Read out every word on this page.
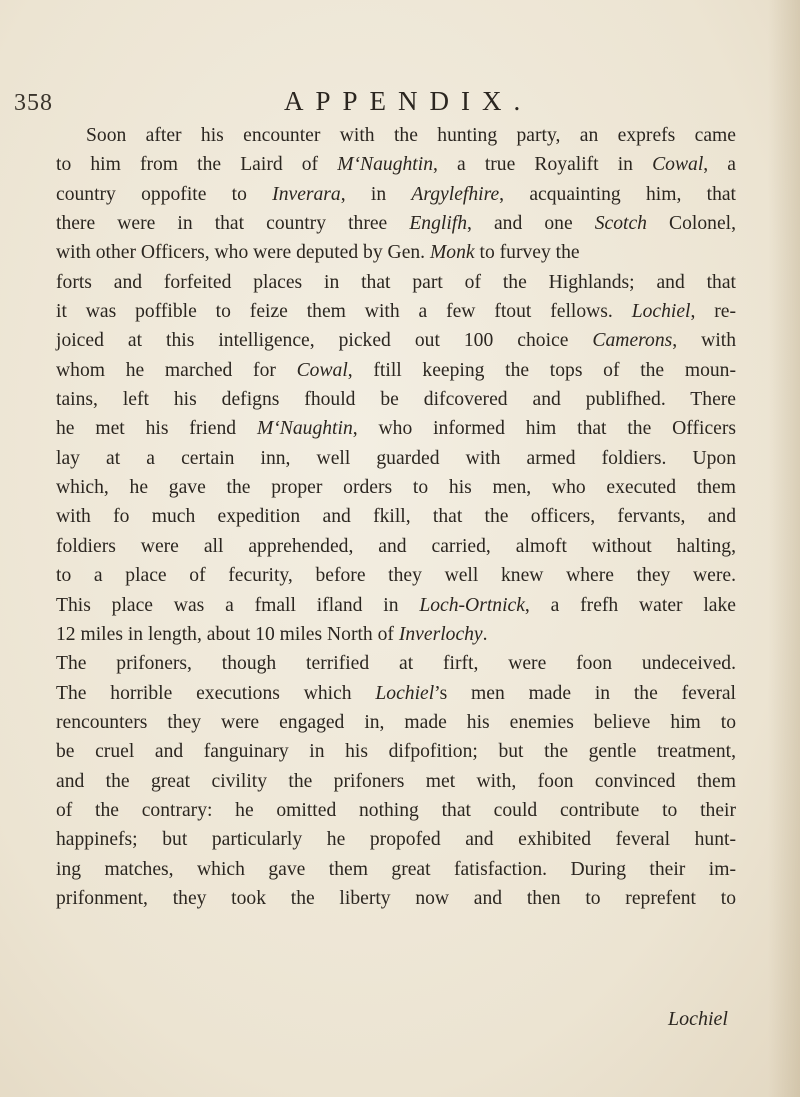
358	APPENDIX.
Soon after his encounter with the hunting party, an exprefs came
to him from the Laird of M‘Naughtin, a true Royalift in Cowal, a
country oppofite to Inverara, in Argylefhire, acquainting him, that
there were in that country three Englifh, and one Scotch Colonel,
with other Officers, who were deputed by Gen. Monk to furvey the
forts and forfeited places in that part of the Highlands; and that
it was poffible to feize them with a few ftout fellows. Lochiel, re-
joiced at this intelligence, picked out 100 choice Camerons, with
whom he marched for Cowal, ftill keeping the tops of the moun-
tains, left his defigns fhould be difcovered and publifhed. There
he met his friend M‘Naughtin, who informed him that the Officers
lay at a certain inn, well guarded with armed foldiers. Upon
which, he gave the proper orders to his men, who executed them
with fo much expedition and fkill, that the officers, fervants, and
foldiers were all apprehended, and carried, almoft without halting,
to a place of fecurity, before they well knew where they were.
This place was a fmall ifland in Loch-Ortnick, a frefh water lake
12 miles in length, about 10 miles North of Inverlochy.
The prifoners, though terrified at firft, were foon undeceived.
The horrible executions which Lochiel’s men made in the feveral
rencounters they were engaged in, made his enemies believe him to
be cruel and fanguinary in his difpofition; but the gentle treatment,
and the great civility the prifoners met with, foon convinced them
of the contrary: he omitted nothing that could contribute to their
happinefs; but particularly he propofed and exhibited feveral hunt-
ing matches, which gave them great fatisfaction. During their im-
prifonment, they took the liberty now and then to reprefent to
Lochiel
